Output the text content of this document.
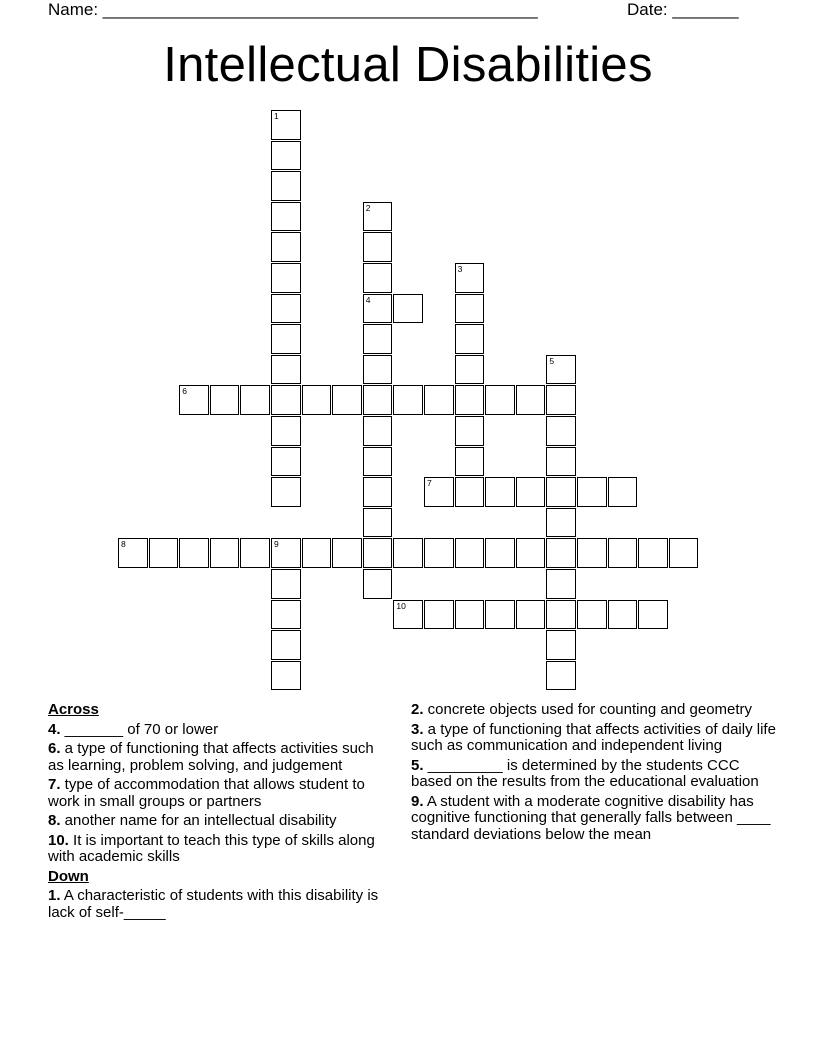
Name: ______________________________________________	Date: _______
Intellectual Disabilities
1
2
4
3
5
6
7
8	9
10
Across
4. _______ of 70 or lower
6. a type of functioning that affects activities such as learning, problem solving, and judgement
7. type of accommodation that allows student to work in small groups or partners
8. another name for an intellectual disability
10. It is important to teach this type of skills along with academic skills
Down
1. A characteristic of students with this disability is lack of self-_____
2. concrete objects used for counting and geometry
3. a type of functioning that affects activities of daily life such as communication and independent living
5. _________ is determined by the students CCC based on the results from the educational evaluation
9. A student with a moderate cognitive disability has cognitive functioning that generally falls between ____ standard deviations below the mean
